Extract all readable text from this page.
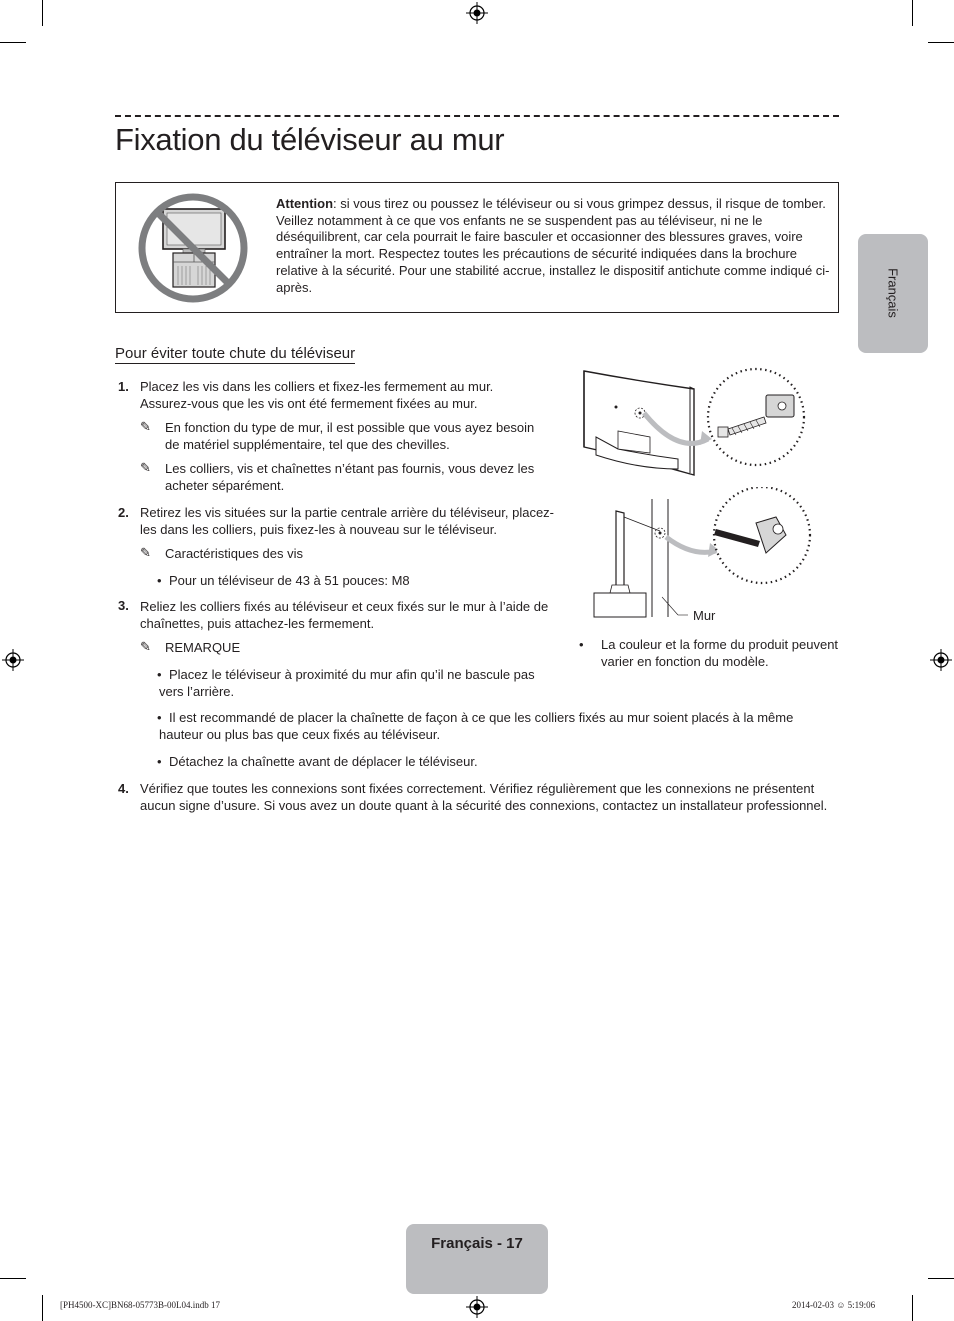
Fixation du téléviseur au mur
Français
Attention: si vous tirez ou poussez le téléviseur ou si vous grimpez dessus, il risque de tomber. Veillez notamment à ce que vos enfants ne se suspendent pas au téléviseur, ni ne le déséquilibrent, car cela pourrait le faire basculer et occasionner des blessures graves, voire entraîner la mort. Respectez toutes les précautions de sécurité indiquées dans la brochure relative à la sécurité. Pour une stabilité accrue, installez le dispositif antichute comme indiqué ci-après.
Pour éviter toute chute du téléviseur
1. Placez les vis dans les colliers et fixez-les fermement au mur. Assurez-vous que les vis ont été fermement fixées au mur.
✎ En fonction du type de mur, il est possible que vous ayez besoin de matériel supplémentaire, tel que des chevilles.
✎ Les colliers, vis et chaînettes n’étant pas fournis, vous devez les acheter séparément.
2. Retirez les vis situées sur la partie centrale arrière du téléviseur, placez-les dans les colliers, puis fixez-les à nouveau sur le téléviseur.
✎ Caractéristiques des vis
• Pour un téléviseur de 43 à 51 pouces: M8
3. Reliez les colliers fixés au téléviseur et ceux fixés sur le mur à l’aide de chaînettes, puis attachez-les fermement.
✎ REMARQUE
• Placez le téléviseur à proximité du mur afin qu’il ne bascule pas vers l’arrière.
• Il est recommandé de placer la chaînette de façon à ce que les colliers fixés au mur soient placés à la même hauteur ou plus bas que ceux fixés au téléviseur.
• Détachez la chaînette avant de déplacer le téléviseur.
4. Vérifiez que toutes les connexions sont fixées correctement. Vérifiez régulièrement que les connexions ne présentent aucun signe d’usure. Si vous avez un doute quant à la sécurité des connexions, contactez un installateur professionnel.
Mur
• La couleur et la forme du produit peuvent varier en fonction du modèle.
Français - 17
[PH4500-XC]BN68-05773B-00L04.indb 17	2014-02-03 ☺ 5:19:06
